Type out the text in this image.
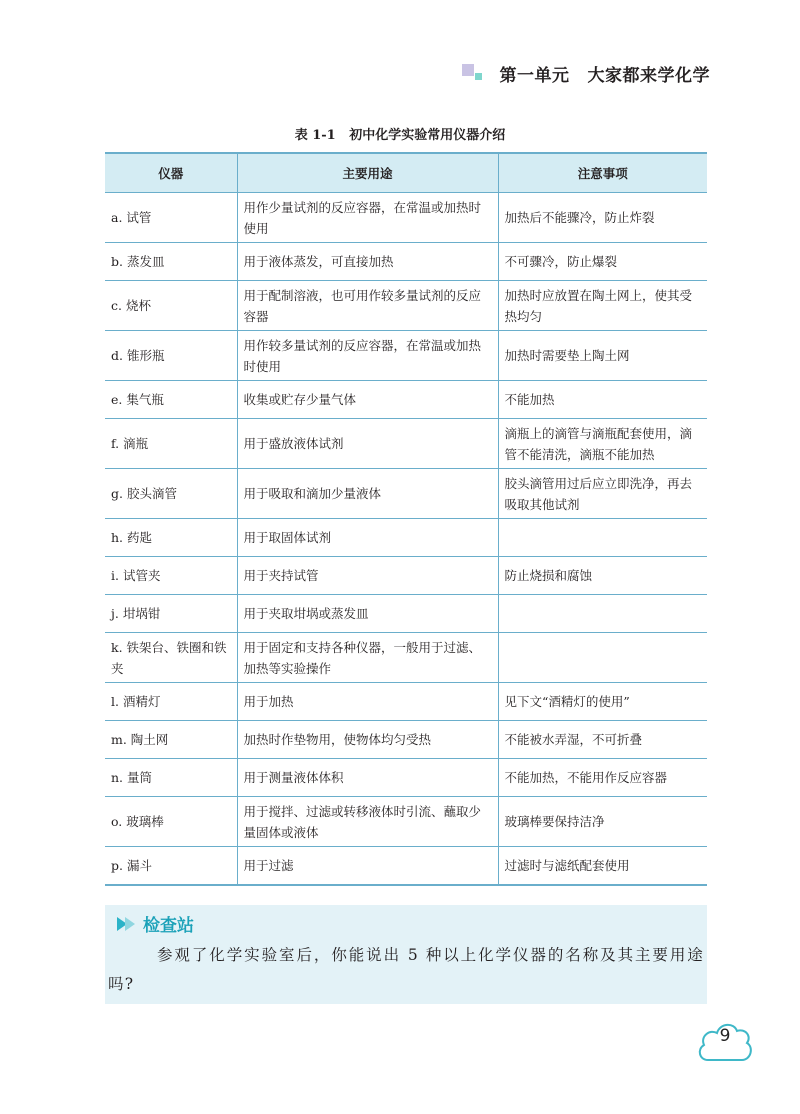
第一单元 大家都来学化学
表 1-1   初中化学实验常用仪器介绍
仪器	主要用途	注意事项
a. 试管	用作少量试剂的反应容器，在常温或加热时使用	加热后不能骤冷，防止炸裂
b. 蒸发皿	用于液体蒸发，可直接加热	不可骤冷，防止爆裂
c. 烧杯	用于配制溶液，也可用作较多量试剂的反应容器	加热时应放置在陶土网上，使其受热均匀
d. 锥形瓶	用作较多量试剂的反应容器，在常温或加热时使用	加热时需要垫上陶土网
e. 集气瓶	收集或贮存少量气体	不能加热
f. 滴瓶	用于盛放液体试剂	滴瓶上的滴管与滴瓶配套使用，滴管不能清洗，滴瓶不能加热
g. 胶头滴管	用于吸取和滴加少量液体	胶头滴管用过后应立即洗净，再去吸取其他试剂
h. 药匙	用于取固体试剂	
i. 试管夹	用于夹持试管	防止烧损和腐蚀
j. 坩埚钳	用于夹取坩埚或蒸发皿	
k. 铁架台、铁圈和铁夹	用于固定和支持各种仪器，一般用于过滤、加热等实验操作	
l. 酒精灯	用于加热	见下文“酒精灯的使用”
m. 陶土网	加热时作垫物用，使物体均匀受热	不能被水弄湿，不可折叠
n. 量筒	用于测量液体体积	不能加热，不能用作反应容器
o. 玻璃棒	用于搅拌、过滤或转移液体时引流、蘸取少量固体或液体	玻璃棒要保持洁净
p. 漏斗	用于过滤	过滤时与滤纸配套使用
检查站
参观了化学实验室后，你能说出 5 种以上化学仪器的名称及其主要用途吗?
9
